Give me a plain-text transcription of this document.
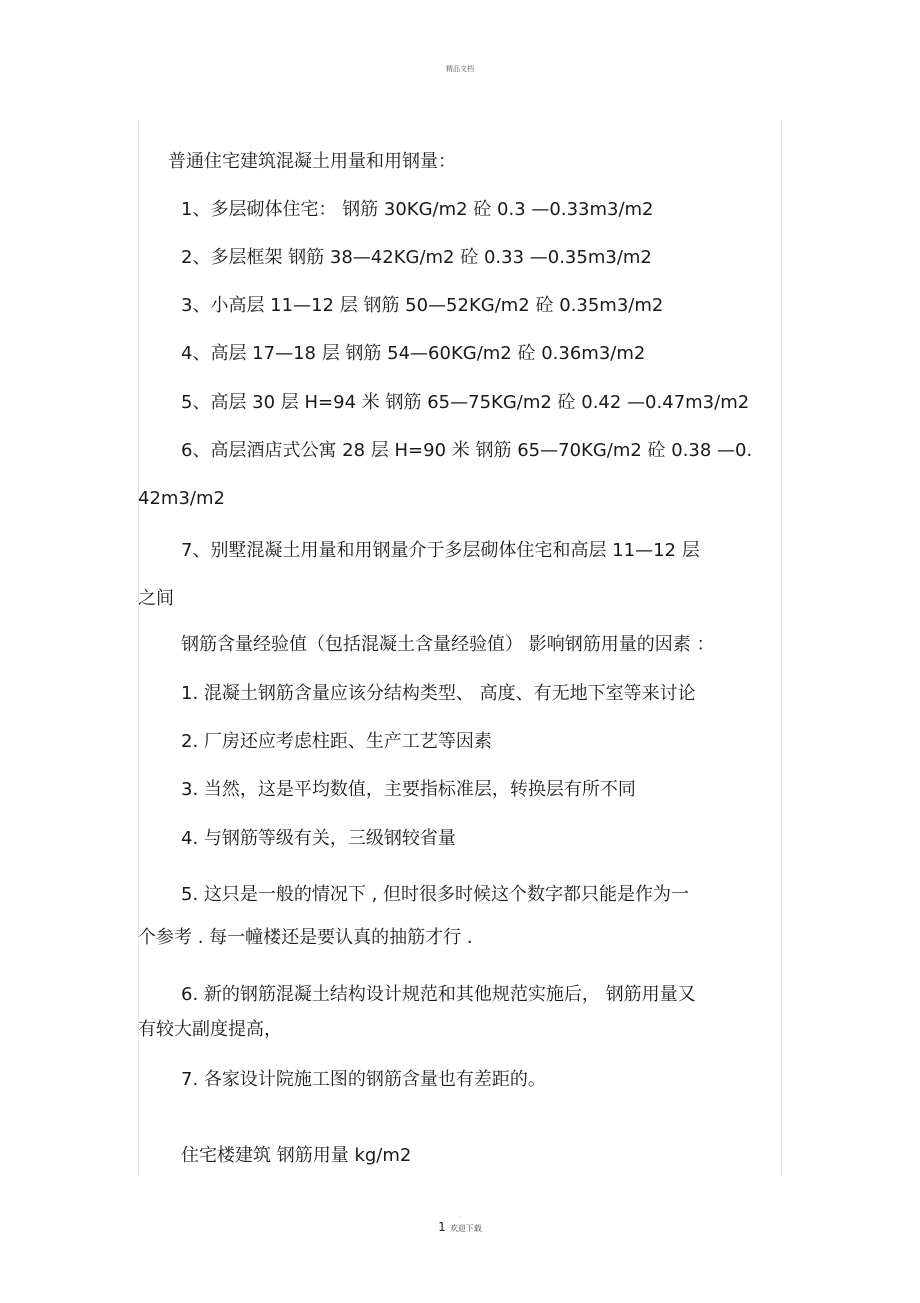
精品文档
普通住宅建筑混凝土用量和用钢量：
1、多层砌体住宅： 钢筋 30KG/m2 砼 0.3 —0.33m3/m2
2、多层框架 钢筋 38—42KG/m2 砼 0.33 —0.35m3/m2
3、小高层 11—12 层 钢筋 50—52KG/m2 砼 0.35m3/m2
4、高层 17—18 层 钢筋 54—60KG/m2 砼 0.36m3/m2
5、高层 30 层 H=94 米 钢筋 65—75KG/m2 砼 0.42 —0.47m3/m2
6、高层酒店式公寓 28 层 H=90 米 钢筋 65—70KG/m2 砼 0.38 —0.
42m3/m2
7、别墅混凝土用量和用钢量介于多层砌体住宅和高层 11—12 层
之间
钢筋含量经验值（包括混凝土含量经验值） 影响钢筋用量的因素 ：
1. 混凝土钢筋含量应该分结构类型、 高度、有无地下室等来讨论
2. 厂房还应考虑柱距、生产工艺等因素
3. 当然，这是平均数值，主要指标准层，转换层有所不同
4. 与钢筋等级有关，三级钢较省量
5. 这只是一般的情况下 , 但时很多时候这个数字都只能是作为一
个参考 . 每一幢楼还是要认真的抽筋才行 .
6. 新的钢筋混凝土结构设计规范和其他规范实施后， 钢筋用量又
有较大副度提高，
7. 各家设计院施工图的钢筋含量也有差距的。
住宅楼建筑 钢筋用量 kg/m2
.
1 欢迎下载
